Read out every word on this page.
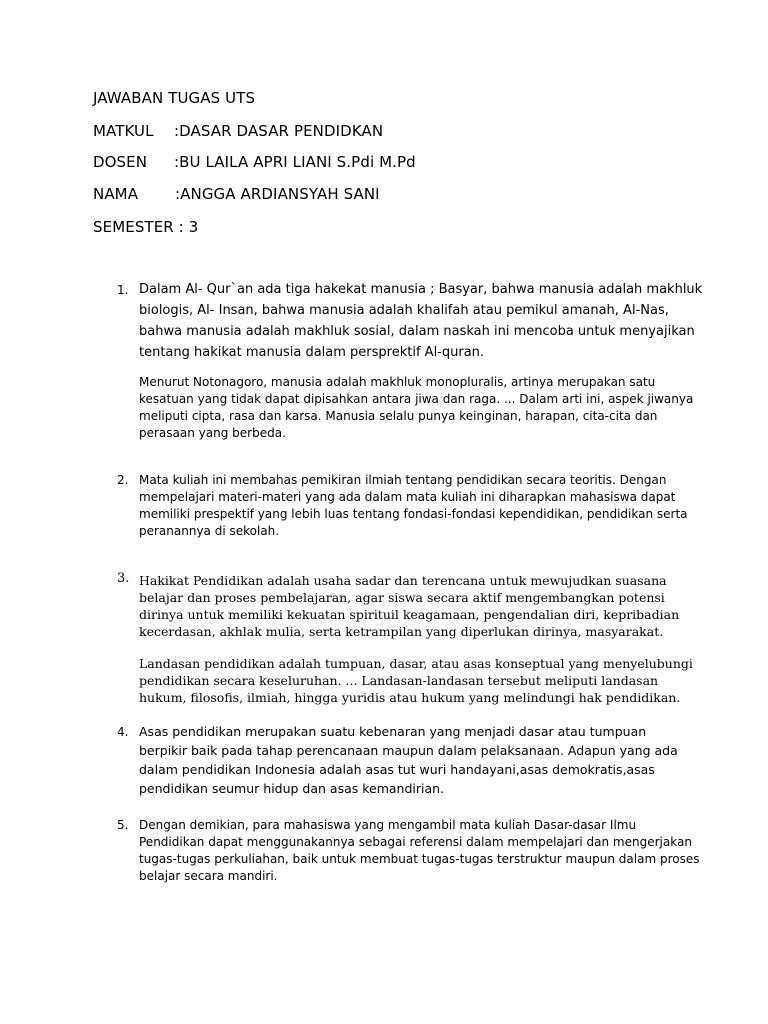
JAWABAN TUGAS UTS
MATKUL :DASAR DASAR PENDIDKAN
DOSEN :BU LAILA APRI LIANI S.Pdi M.Pd
NAMA :ANGGA ARDIANSYAH SANI
SEMESTER : 3
1. Dalam Al- Qur`an ada tiga hakekat manusia ; Basyar, bahwa manusia adalah makhluk
biologis, Al- Insan, bahwa manusia adalah khalifah atau pemikul amanah, Al-Nas,
bahwa manusia adalah makhluk sosial, dalam naskah ini mencoba untuk menyajikan
tentang hakikat manusia dalam persprektif Al-quran.
Menurut Notonagoro, manusia adalah makhluk monopluralis, artinya merupakan satu
kesatuan yang tidak dapat dipisahkan antara jiwa dan raga. ... Dalam arti ini, aspek jiwanya
meliputi cipta, rasa dan karsa. Manusia selalu punya keinginan, harapan, cita-cita dan
perasaan yang berbeda.
2. Mata kuliah ini membahas pemikiran ilmiah tentang pendidikan secara teoritis. Dengan
mempelajari materi-materi yang ada dalam mata kuliah ini diharapkan mahasiswa dapat
memiliki prespektif yang lebih luas tentang fondasi-fondasi kependidikan, pendidikan serta
peranannya di sekolah.
3. Hakikat Pendidikan adalah usaha sadar dan terencana untuk mewujudkan suasana
belajar dan proses pembelajaran, agar siswa secara aktif mengembangkan potensi
dirinya untuk memiliki kekuatan spirituil keagamaan, pengendalian diri, kepribadian
kecerdasan, akhlak mulia, serta ketrampilan yang diperlukan dirinya, masyarakat.
Landasan pendidikan adalah tumpuan, dasar, atau asas konseptual yang menyelubungi
pendidikan secara keseluruhan. ... Landasan-landasan tersebut meliputi landasan
hukum, filosofis, ilmiah, hingga yuridis atau hukum yang melindungi hak pendidikan.
4. Asas pendidikan merupakan suatu kebenaran yang menjadi dasar atau tumpuan
berpikir baik pada tahap perencanaan maupun dalam pelaksanaan. Adapun yang ada
dalam pendidikan Indonesia adalah asas tut wuri handayani,asas demokratis,asas
pendidikan seumur hidup dan asas kemandirian.
5. Dengan demikian, para mahasiswa yang mengambil mata kuliah Dasar-dasar Ilmu
Pendidikan dapat menggunakannya sebagai referensi dalam mempelajari dan mengerjakan
tugas-tugas perkuliahan, baik untuk membuat tugas-tugas terstruktur maupun dalam proses
belajar secara mandiri.
